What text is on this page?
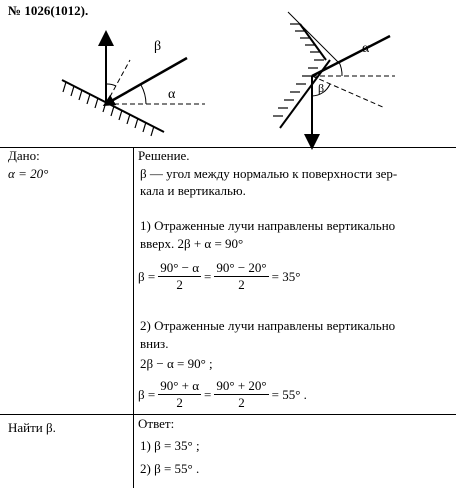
№ 1026(1012).
β
α
α
β
Дано:
α = 20°
Найти β.
Решение.
β — угол между нормалью к поверхности зер-
кала и вертикалью.
1) Отраженные лучи направлены вертикально
вверх. 2β + α = 90°
$\beta = \frac{90^\circ - \alpha}{2} = \frac{90^\circ - 20^\circ}{2} = 35^\circ$
2) Отраженные лучи направлены вертикально
вниз.
2β − α = 90° ;
$\beta = \frac{90^\circ + \alpha}{2} = \frac{90^\circ + 20^\circ}{2} = 55^\circ$ .
Ответ:
1) β = 35° ;
2) β = 55° .
